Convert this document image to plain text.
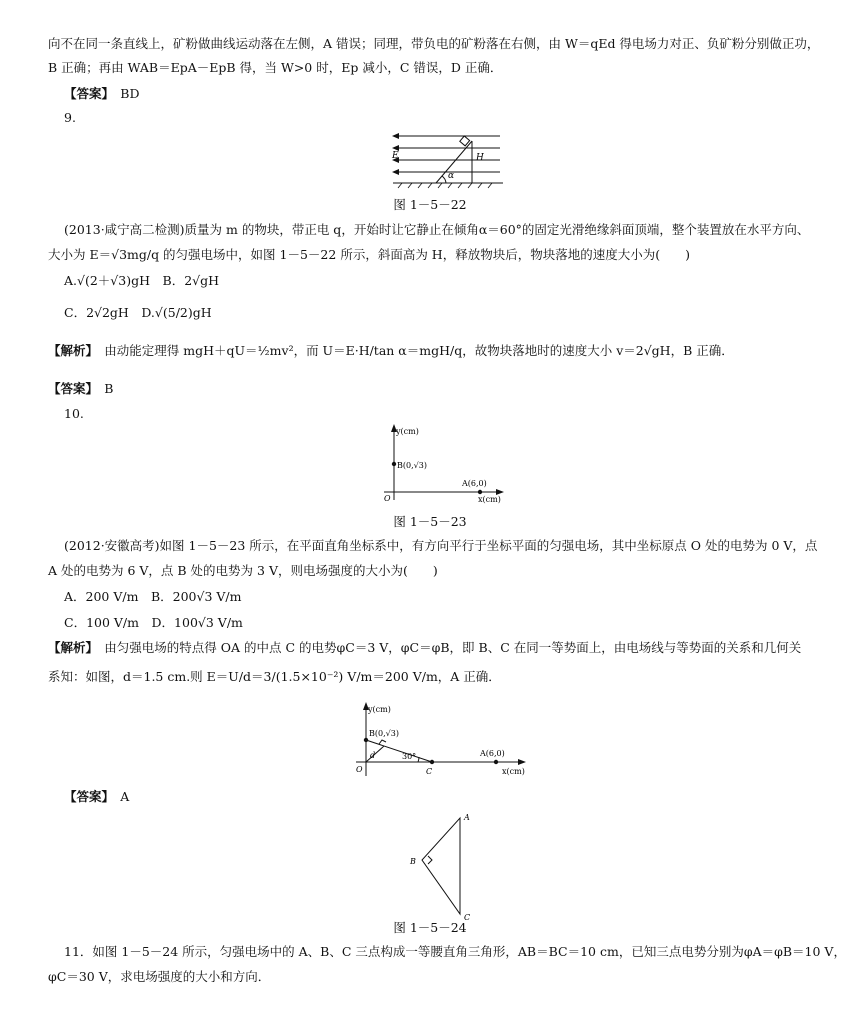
向不在同一条直线上，矿粉做曲线运动落在左侧，A 错误；同理，带负电的矿粉落在右侧，由 W＝qEd 得电场力对正、负矿粉分别做正功，
B 正确；再由 WAB＝EpA－EpB 得，当 W>0 时，Ep 减小，C 错误，D 正确．
【答案】　 BD
9.
E	H
α
图 1－5－22
(2013·咸宁高二检测)质量为 m 的物块，带正电 q，开始时让它静止在倾角α＝60°的固定光滑绝缘斜面顶端，整个装置放在水平方向、
大小为 E＝√3mg/q 的匀强电场中，如图 1－5－22 所示，斜面高为 H，释放物块后，物块落地的速度大小为(　　)
A.√(2＋√3)gH　 B．2√gH
C．2√2gH　 D.√(5/2)gH
【解析】　 由动能定理得 mgH＋qU＝½mv²，而 U＝E·H/tan α＝mgH/q，故物块落地时的速度大小 v＝2√gH，B 正确．
【答案】　 B
10.
y(cm)
x(cm)
O
B(0,√3)
A(6,0)
图 1－5－23
(2012·安徽高考)如图 1－5－23 所示，在平面直角坐标系中，有方向平行于坐标平面的匀强电场，其中坐标原点 O 处的电势为 0 V，点
A 处的电势为 6 V，点 B 处的电势为 3 V，则电场强度的大小为(　　)
A．200 V/m　 B．200√3 V/m
C．100 V/m　 D．100√3 V/m
【解析】　 由匀强电场的特点得 OA 的中点 C 的电势φC＝3 V，φC＝φB，即 B、C 在同一等势面上，由电场线与等势面的关系和几何关
系知：如图，d＝1.5 cm.则 E＝U/d＝3/(1.5×10⁻²) V/m＝200 V/m，A 正确．
y(cm)
x(cm)
O
B(0,√3)
A(6,0)
C
d	30°
【答案】　 A
A
B
C
图 1－5－24
11．如图 1－5－24 所示，匀强电场中的 A、B、C 三点构成一等腰直角三角形，AB＝BC＝10 cm，已知三点电势分别为φA＝φB＝10 V，
φC＝30 V，求电场强度的大小和方向．
